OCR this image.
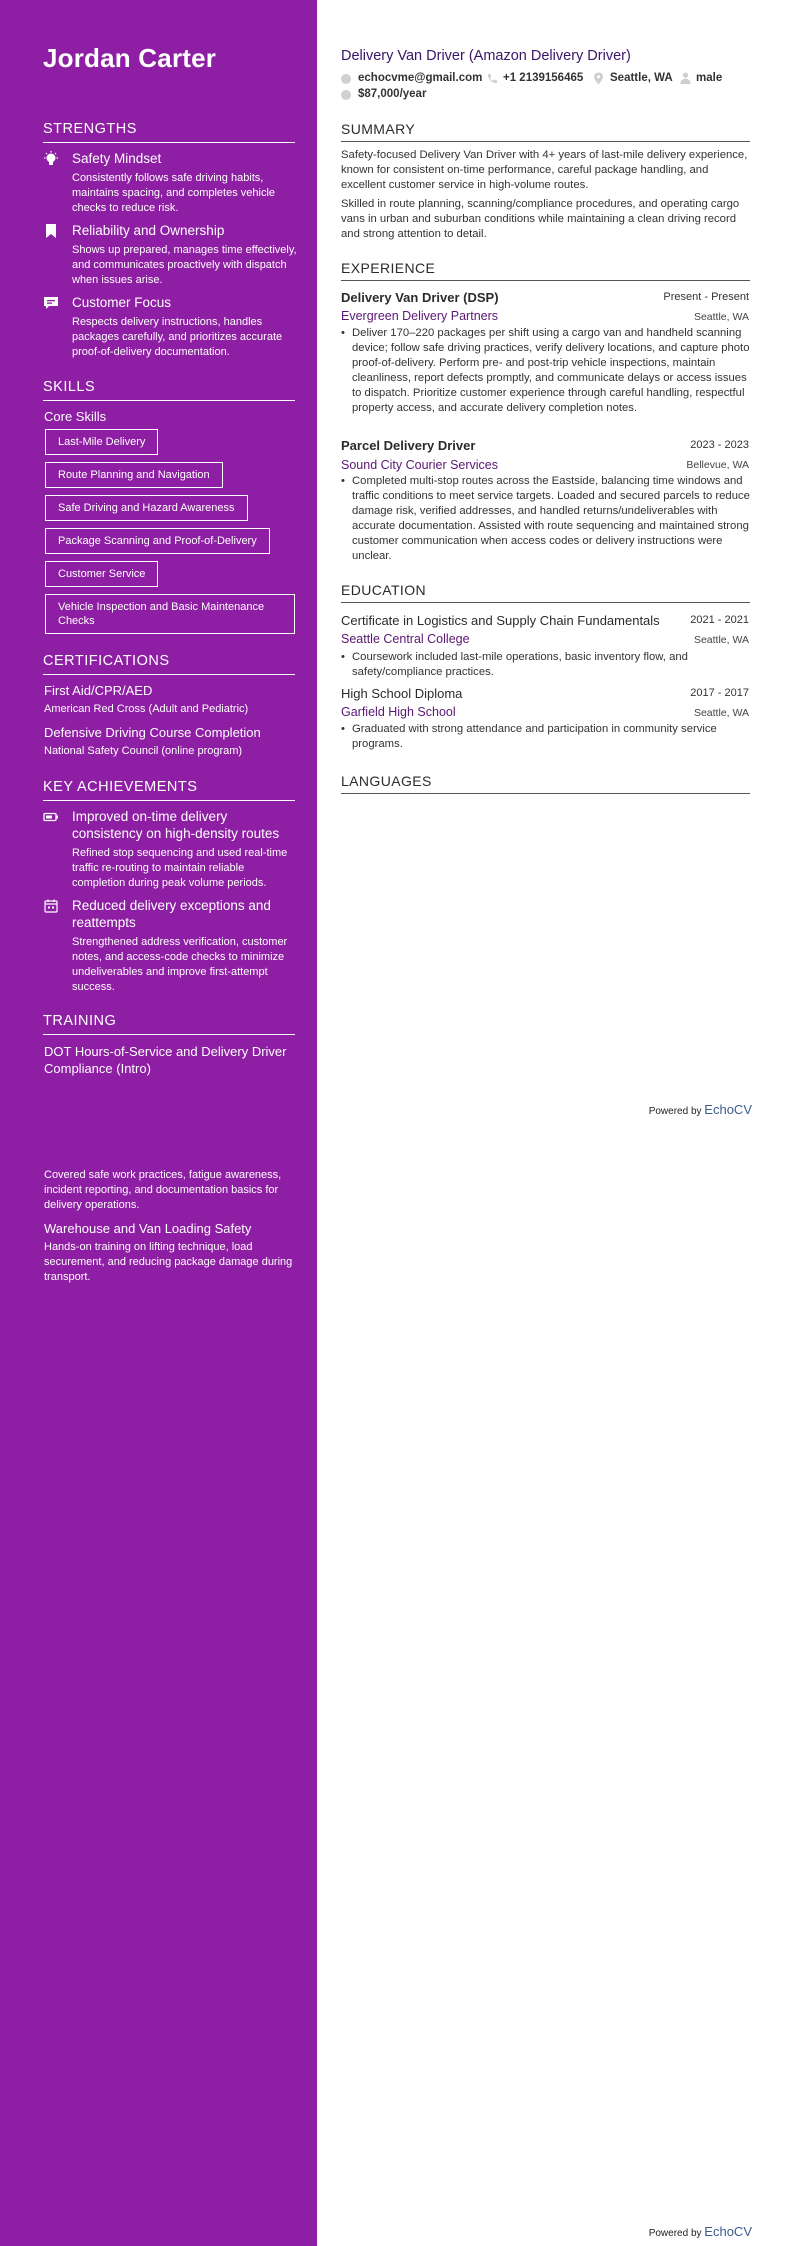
Jordan Carter
STRENGTHS
Safety Mindset
Consistently follows safe driving habits, maintains spacing, and completes vehicle checks to reduce risk.
Reliability and Ownership
Shows up prepared, manages time effectively, and communicates proactively with dispatch when issues arise.
Customer Focus
Respects delivery instructions, handles packages carefully, and prioritizes accurate proof-of-delivery documentation.
SKILLS
Core Skills
Last-Mile Delivery
Route Planning and Navigation
Safe Driving and Hazard Awareness
Package Scanning and Proof-of-Delivery
Customer Service
Vehicle Inspection and Basic Maintenance Checks
CERTIFICATIONS
First Aid/CPR/AED
American Red Cross (Adult and Pediatric)
Defensive Driving Course Completion
National Safety Council (online program)
KEY ACHIEVEMENTS
Improved on-time delivery consistency on high-density routes
Refined stop sequencing and used real-time traffic re-routing to maintain reliable completion during peak volume periods.
Reduced delivery exceptions and reattempts
Strengthened address verification, customer notes, and access-code checks to minimize undeliverables and improve first-attempt success.
TRAINING
DOT Hours-of-Service and Delivery Driver Compliance (Intro)
Covered safe work practices, fatigue awareness, incident reporting, and documentation basics for delivery operations.
Warehouse and Van Loading Safety
Hands-on training on lifting technique, load securement, and reducing package damage during transport.
Delivery Van Driver (Amazon Delivery Driver)
echocvme@gmail.com +1 2139156465 Seattle, WA male
$87,000/year
SUMMARY
Safety-focused Delivery Van Driver with 4+ years of last-mile delivery experience, known for consistent on-time performance, careful package handling, and excellent customer service in high-volume routes.
Skilled in route planning, scanning/compliance procedures, and operating cargo vans in urban and suburban conditions while maintaining a clean driving record and strong attention to detail.
EXPERIENCE
Delivery Van Driver (DSP)	Present - Present
Evergreen Delivery Partners	Seattle, WA
• Deliver 170–220 packages per shift using a cargo van and handheld scanning device; follow safe driving practices, verify delivery locations, and capture photo proof-of-delivery. Perform pre- and post-trip vehicle inspections, maintain cleanliness, report defects promptly, and communicate delays or access issues to dispatch. Prioritize customer experience through careful handling, respectful property access, and accurate delivery completion notes.
Parcel Delivery Driver	2023 - 2023
Sound City Courier Services	Bellevue, WA
• Completed multi-stop routes across the Eastside, balancing time windows and traffic conditions to meet service targets. Loaded and secured parcels to reduce damage risk, verified addresses, and handled returns/undeliverables with accurate documentation. Assisted with route sequencing and maintained strong customer communication when access codes or delivery instructions were unclear.
EDUCATION
Certificate in Logistics and Supply Chain Fundamentals	2021 - 2021
Seattle Central College	Seattle, WA
• Coursework included last-mile operations, basic inventory flow, and safety/compliance practices.
High School Diploma	2017 - 2017
Garfield High School	Seattle, WA
• Graduated with strong attendance and participation in community service programs.
LANGUAGES
Powered by EchoCV
Powered by EchoCV
